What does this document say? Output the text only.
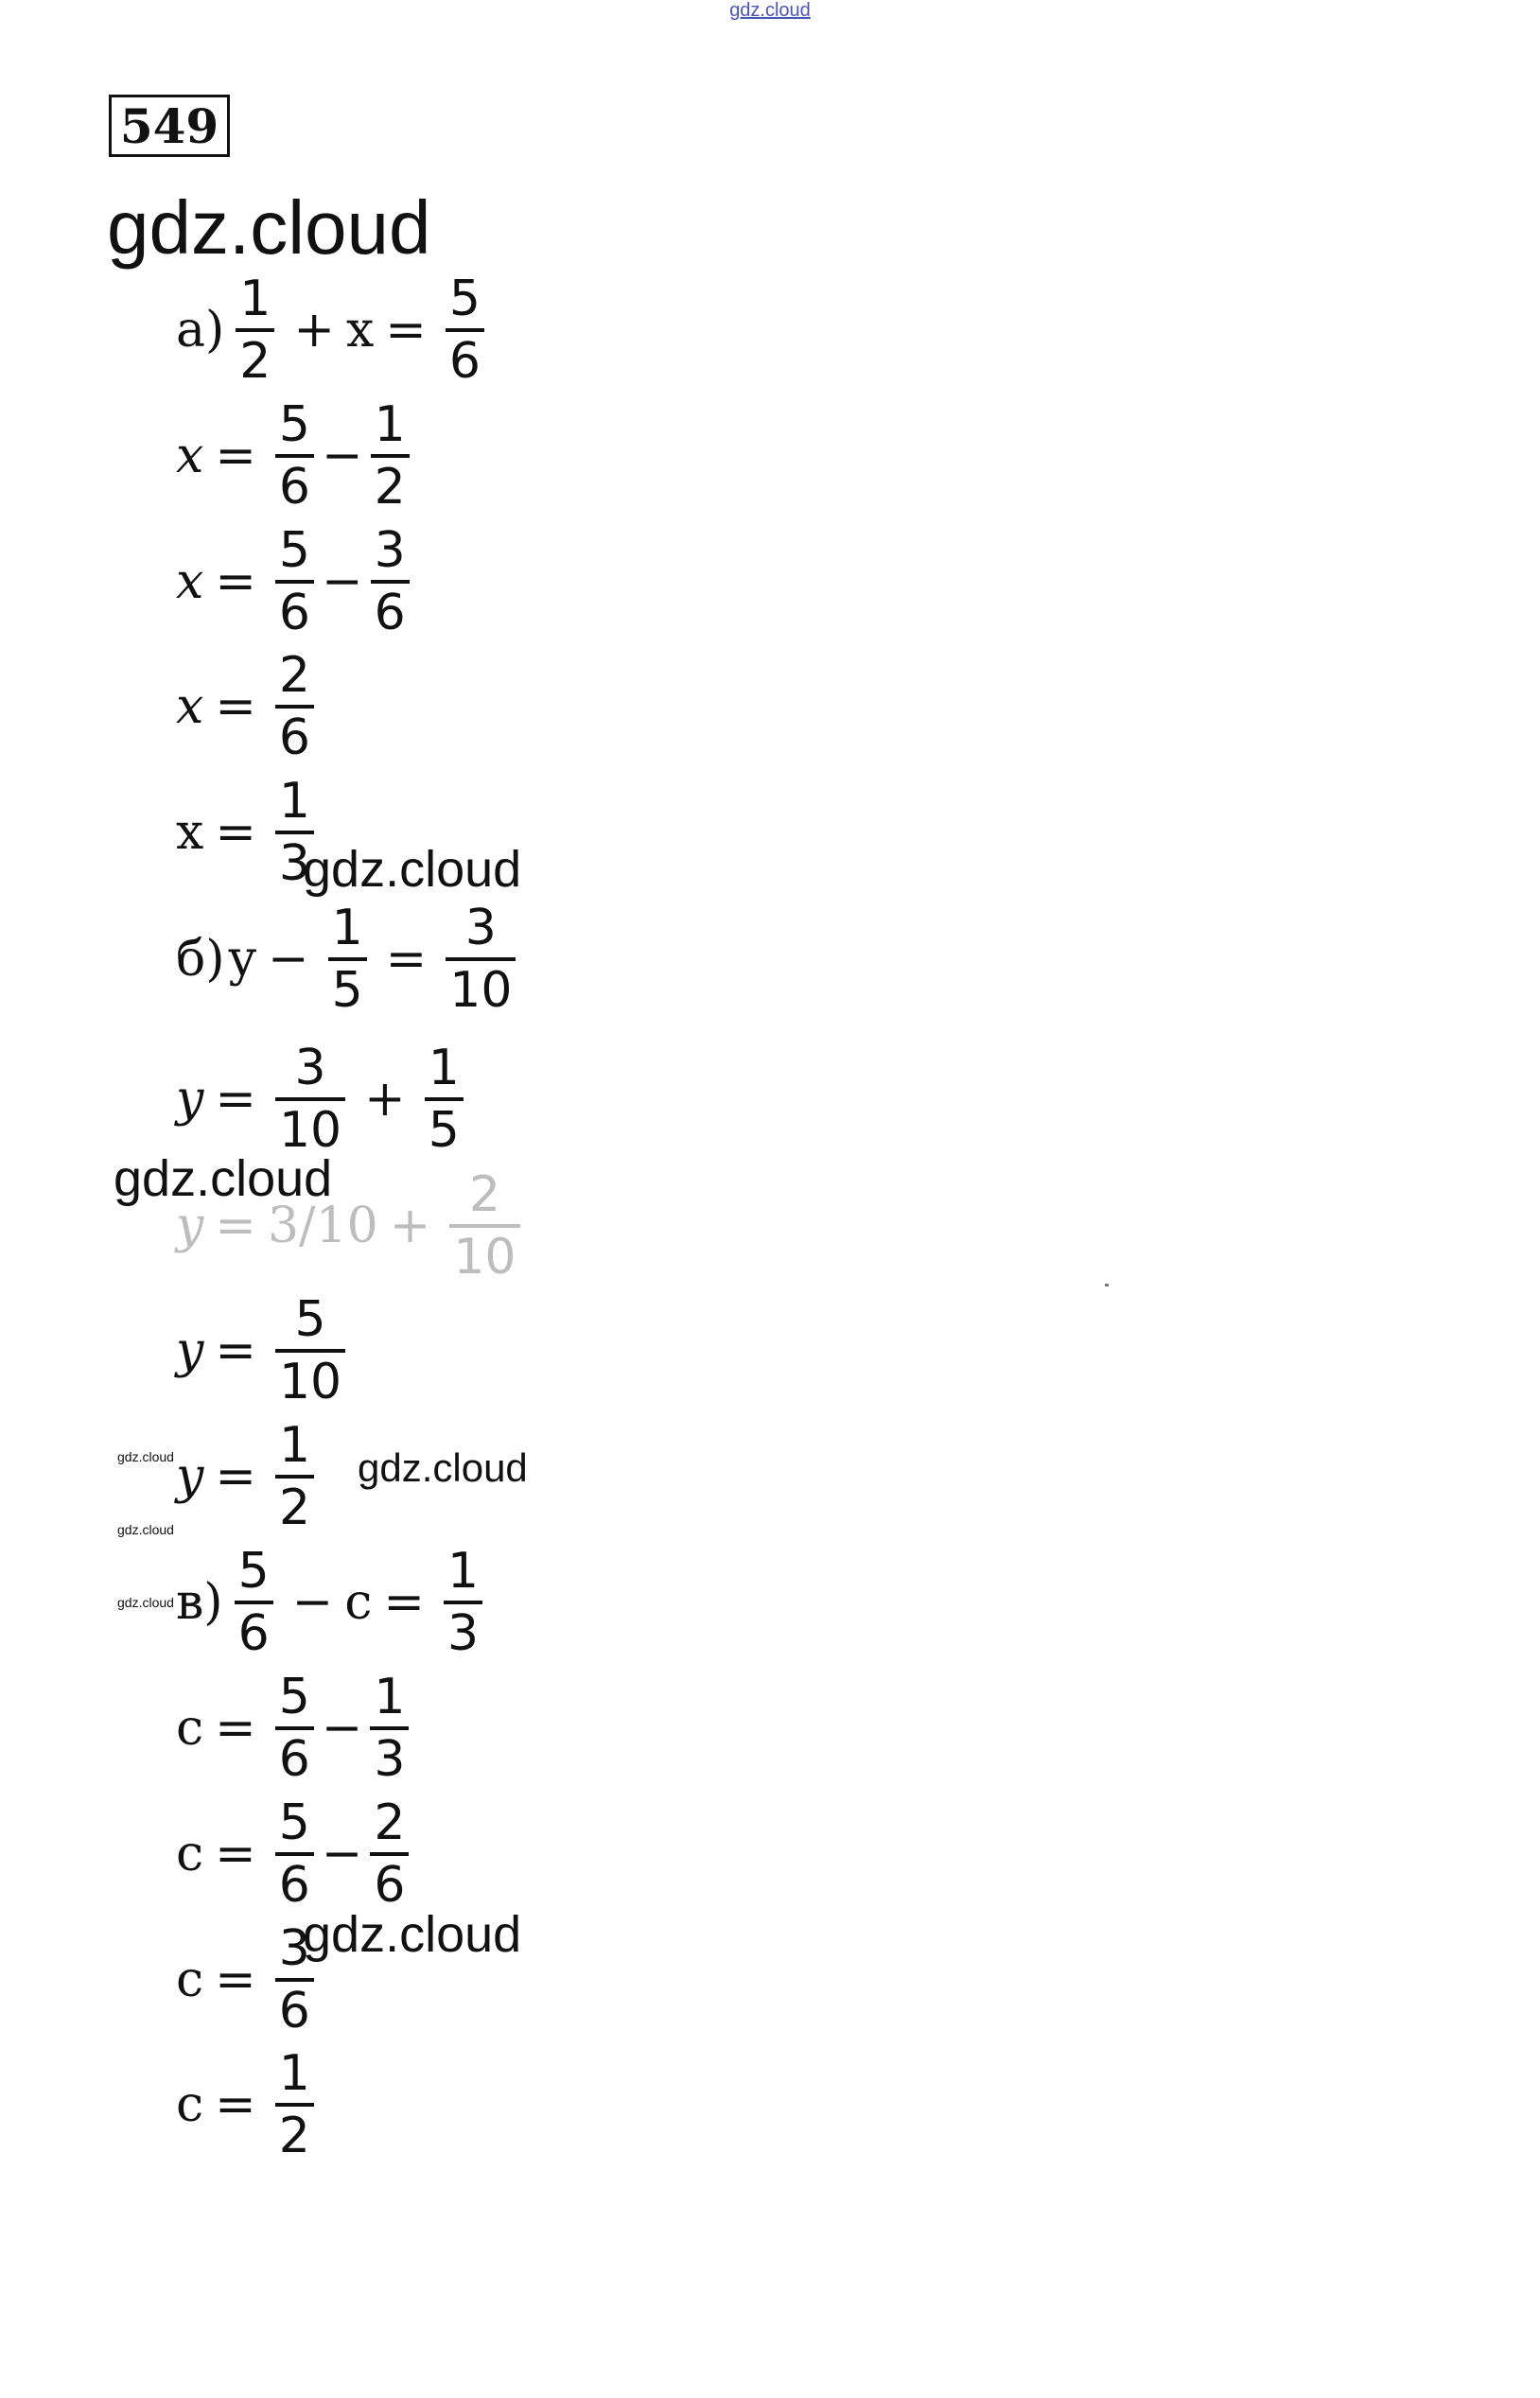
gdz.cloud
549
gdz.cloud
$а) \frac{1}{2} + x = \frac{5}{6}$
$x = \frac{5}{6} - \frac{1}{2}$
$x = \frac{5}{6} - \frac{3}{6}$
$x = \frac{2}{6}$
$x = \frac{1}{3}$
gdz.cloud
б) $y - \frac{1}{5} = \frac{3}{10}$
$y = \frac{3}{10} + \frac{1}{5}$
$y = 3/10 + \frac{2}{10}$
gdz.cloud
$y = \frac{5}{10}$
$y = \frac{1}{2}$ gdz.cloud
gdz.cloud
gdz.cloud
gdz.cloud $в) \frac{5}{6} - c = \frac{1}{3}$
$c = \frac{5}{6} - \frac{1}{3}$
$c = \frac{5}{6} - \frac{2}{6}$
$c = \frac{3}{6}$
gdz.cloud
$c = \frac{1}{2}$
